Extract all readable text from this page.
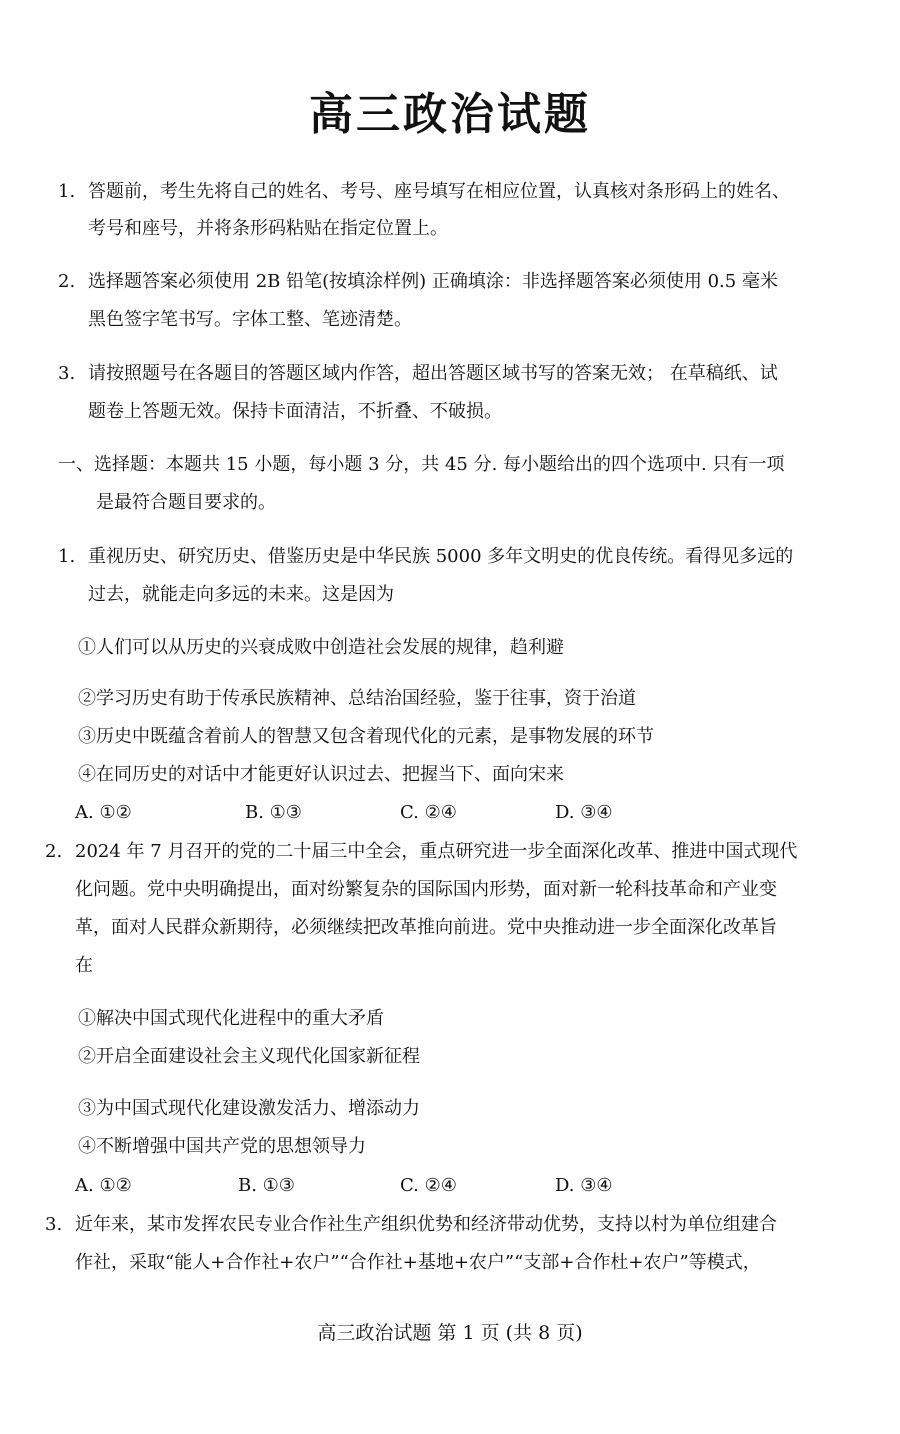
高三政治试题
1. 答题前，考生先将自己的姓名、考号、座号填写在相应位置，认真核对条形码上的姓名、
考号和座号，并将条形码粘贴在指定位置上。
2. 选择题答案必须使用 2B 铅笔(按填涂样例) 正确填涂：非选择题答案必须使用 0.5 毫米
黑色签字笔书写。字体工整、笔迹清楚。
3. 请按照题号在各题目的答题区域内作答，超出答题区域书写的答案无效； 在草稿纸、试
题卷上答题无效。保持卡面清洁，不折叠、不破损。
一、选择题：本题共 15 小题，每小题 3 分，共 45 分. 每小题给出的四个选项中. 只有一项
是最符合题目要求的。
1. 重视历史、研究历史、借鉴历史是中华民族 5000 多年文明史的优良传统。看得见多远的
过去，就能走向多远的未来。这是因为
①人们可以从历史的兴衰成败中创造社会发展的规律，趋利避
②学习历史有助于传承民族精神、总结治国经验，鉴于往事，资于治道
③历史中既蕴含着前人的智慧又包含着现代化的元素，是事物发展的环节
④在同历史的对话中才能更好认识过去、把握当下、面向宋来
A. ①②	B. ①③	C. ②④	D. ③④
2. 2024 年 7 月召开的党的二十届三中全会，重点研究进一步全面深化改革、推进中国式现代
化问题。党中央明确提出，面对纷繁复杂的国际国内形势，面对新一轮科技革命和产业变
革，面对人民群众新期待，必须继续把改革推向前进。党中央推动进一步全面深化改革旨
在
①解决中国式现代化进程中的重大矛盾
②开启全面建设社会主义现代化国家新征程
③为中国式现代化建设激发活力、增添动力
④不断增强中国共产党的思想领导力
A. ①②	B. ①③	C. ②④	D. ③④
3. 近年来，某市发挥农民专业合作社生产组织优势和经济带动优势，支持以村为单位组建合
作社，采取“能人+合作社+农户”“合作社+基地+农户”“支部+合作杜+农户”等模式，
高三政治试题 第 1 页 (共 8 页)
